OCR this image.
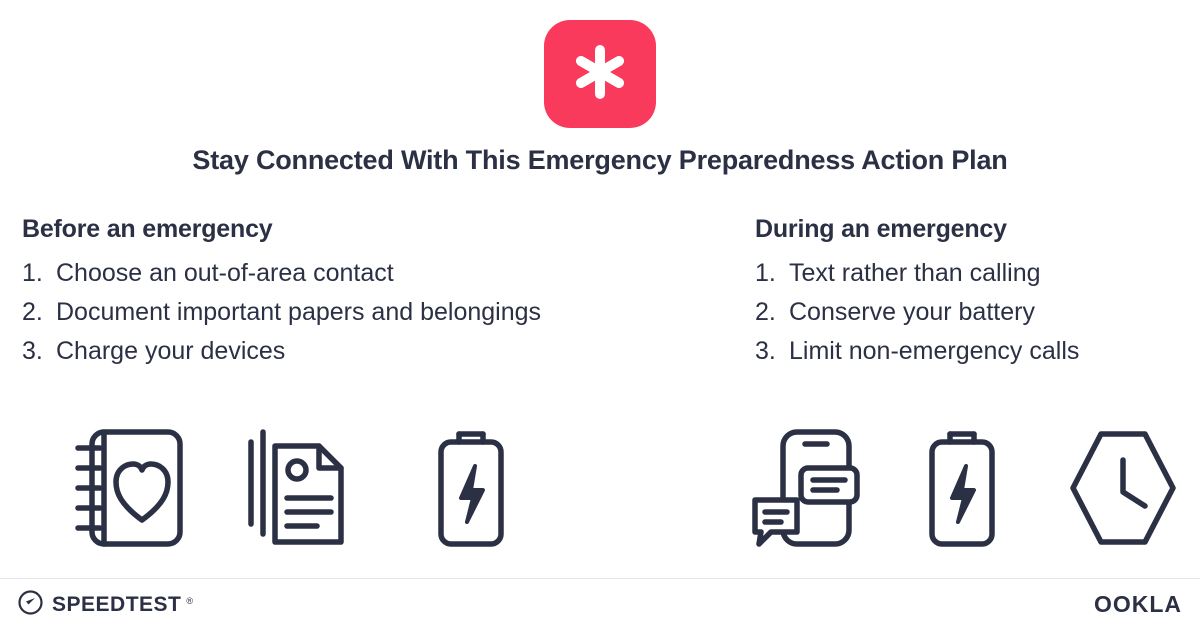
Stay Connected With This Emergency Preparedness Action Plan
Before an emergency
1. Choose an out-of-area contact
2. Document important papers and belongings
3. Charge your devices
During an emergency
1. Text rather than calling
2. Conserve your battery
3. Limit non-emergency calls
SPEEDTEST ®	OOKLA
